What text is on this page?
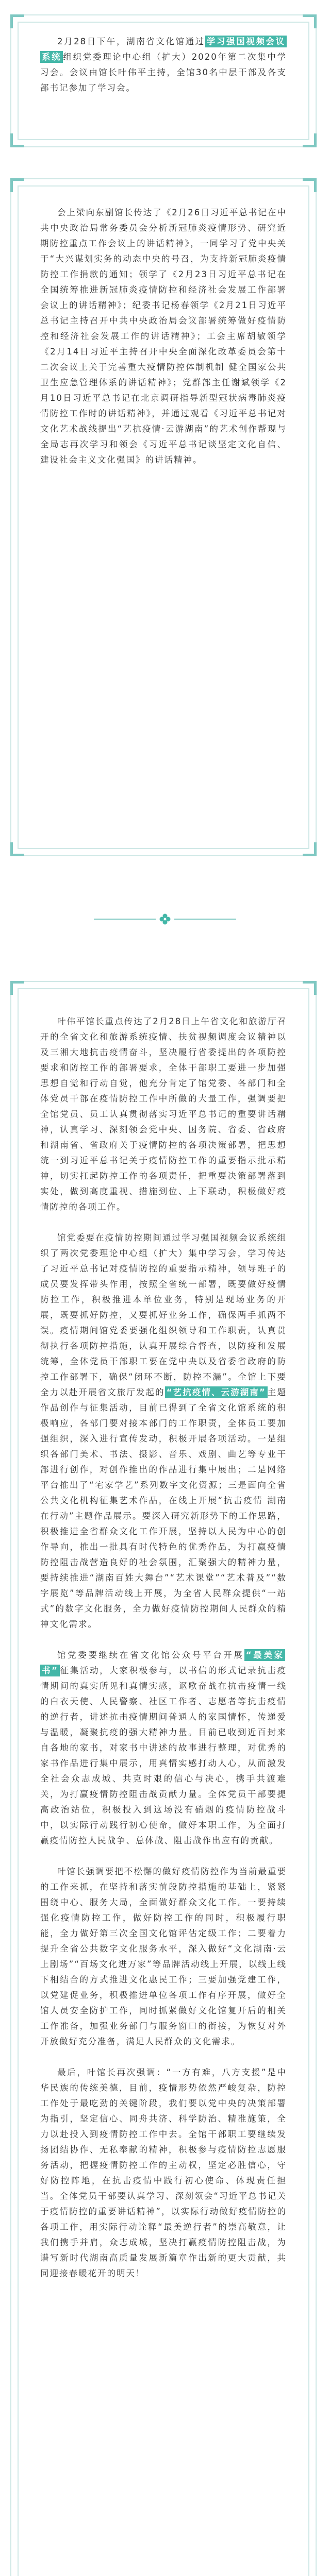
2月28日下午，湖南省文化馆通过 学习强国视频会议系统 组织党委理论中心组（扩大）2020年第二次集中学习会。会议由馆长叶伟平主持，全馆30名中层干部及各支部书记参加了学习会。

会上梁向东副馆长传达了《2月26日习近平总书记在中共中央政治局常务委员会分析新冠肺炎疫情形势、研究近期防控重点工作会议上的讲话精神》，一同学习了党中央关于“大兴谋划实务的动态中央的号召，为支持新冠肺炎疫情防控工作捐款的通知；领学了《2月23日习近平总书记在全国统筹推进新冠肺炎疫情防控和经济社会发展工作部署会议上的讲话精神》；纪委书记杨春领学《2月21日习近平总书记主持召开中共中央政治局会议部署统筹做好疫情防控和经济社会发展工作的讲话精神》；工会主席胡敏领学《2月14日习近平主持召开中央全面深化改革委员会第十二次会议上关于完善重大疫情防控体制机制 健全国家公共卫生应急管理体系的讲话精神》；党群部主任谢斌领学《2月10日习近平总书记在北京调研指导新型冠状病毒肺炎疫情防控工作时的讲话精神》，并通过观看《习近平总书记对文化艺术战线提出“艺抗疫情·云游湖南”的艺术创作帮现与全局志再次学习和领会《习近平总书记谈坚定文化自信、建设社会主义文化强国》的讲话精神。

叶伟平馆长重点传达了2月28日上午省文化和旅游厅召开的全省文化和旅游系统疫情、扶贫视频调度会议精神以及三湘大地抗击疫情奋斗，坚决履行省委提出的各项防控要求和防控工作的部署要求，全体干部职工要进一步加强思想自觉和行动自觉，他充分肯定了馆党委、各部门和全体党员干部在疫情防控工作中所做的大量工作，强调要把全馆党员、员工认真贯彻落实习近平总书记的重要讲话精神，认真学习、深刻领会党中央、国务院、省委、省政府和湖南省、省政府关于疫情防控的各项决策部署，把思想统一到习近平总书记关于疫情防控工作的重要指示批示精神，切实扛起防控工作的各项责任，把重要决策部署落到实处，做到高度重视、措施到位、上下联动，积极做好疫情防控的各项工作。

馆党委要在疫情防控期间通过学习强国视频会议系统组织了两次党委理论中心组（扩大）集中学习会，学习传达了习近平总书记对疫情防控的重要指示精神，领导班子的成员要发挥带头作用，按照全省统一部署，既要做好疫情防控工作，积极推进本单位业务，特别是现场业务的开展，既要抓好防控，又要抓好业务工作，确保两手抓两不误。疫情期间馆党委要强化组织领导和工作职责，认真贯彻执行各项防控措施，认真开展综合督查，以防疫和发展统筹，全体党员干部职工要在党中央以及省委省政府的防控工作部署下，确保“闭环不断，防控不漏”。全馆上下要全力以赴开展省文旅厅发起的 “艺抗疫情、云游湖南” 主题作品创作与征集活动，目前已得到了全省文化馆系统的积极响应，各部门要对接本部门的工作职责，全体员工要加强组织，深入进行宣传发动，积极开展各项活动。一是组织各部门美术、书法、摄影、音乐、戏剧、曲艺等专业干部进行创作，对创作推出的作品进行集中展出；二是网络平台推出了“宅家学艺”系列数字文化资源；三是面向全省公共文化机构征集艺术作品，在线上开展“抗击疫情 湖南在行动”主题作品展示。要深入研究新形势下的工作思路，积极推进全省群众文化工作开展，坚持以人民为中心的创作导向，推出一批具有时代特色的优秀作品，为打赢疫情防控阻击战营造良好的社会氛围，汇聚强大的精神力量，要持续推进“湖南百姓大舞台”“艺术课堂”“艺术普及”“数字展览”等品牌活动线上开展，为全省人民群众提供“一站式”的数字文化服务，全力做好疫情防控期间人民群众的精神文化需求。

馆党委要继续在省文化馆公众号平台开展 “最美家书” 征集活动，大家积极参与，以书信的形式记录抗击疫情期间的真实所见和真情实感，讴歌奋战在抗击疫情一线的白衣天使、人民警察、社区工作者、志愿者等抗击疫情的逆行者，讲述抗击疫情期间普通人的家国情怀，传递爱与温暖，凝聚抗疫的强大精神力量。目前已收到近百封来自各地的家书，对家书中讲述的故事进行整理，对优秀的家书作品进行集中展示，用真情实感打动人心，从而激发全社会众志成城、共克时艰的信心与决心，携手共渡难关，为打赢疫情防控阻击战贡献力量。全体党员干部要提高政治站位，积极投入到这场没有硝烟的疫情防控战斗中，以实际行动践行初心使命，做好本职工作，为全面打赢疫情防控人民战争、总体战、阻击战作出应有的贡献。

叶馆长强调要把不松懈的做好疫情防控作为当前最重要的工作来抓，在坚持和落实前段防控措施的基础上，紧紧围绕中心、服务大局，全面做好群众文化工作。一要持续强化疫情防控工作，做好防控工作的同时，积极履行职能，全力做好第三次全国文化馆评估定级工作；二要着力提升全省公共数字文化服务水平，深入做好“文化湖南·云上剧场”“百场文化进万家”等品牌活动线上开展，以线上线下相结合的方式推进文化惠民工作；三要加强党建工作，以党建促业务，积极推进单位各项工作有序开展，做好全馆人员安全防护工作，同时抓紧做好文化馆复开后的相关工作准备，加强业务部门与服务窗口的衔接，为恢复对外开放做好充分准备，满足人民群众的文化需求。

最后，叶馆长再次强调：“一方有难，八方支援”是中华民族的传统美德，目前，疫情形势依然严峻复杂，防控工作处于最吃劲的关键阶段，我们要以党中央的决策部署为指引，坚定信心、同舟共济、科学防治、精准施策，全力以赴投入到疫情防控工作中去。全馆干部职工要继续发扬团结协作、无私奉献的精神，积极参与疫情防控志愿服务活动，把握疫情防控工作的主动权，坚定必胜信心，守好防控阵地，在抗击疫情中践行初心使命、体现责任担当。全体党员干部要认真学习、深刻领会“习近平总书记关于疫情防控的重要讲话精神”，以实际行动做好疫情防控的各项工作，用实际行动诠释“最美逆行者”的崇高敬意，让我们携手并肩，众志成城，坚决打赢疫情防控阻击战，为谱写新时代湖南高质量发展新篇章作出新的更大贡献，共同迎接春暖花开的明天！
